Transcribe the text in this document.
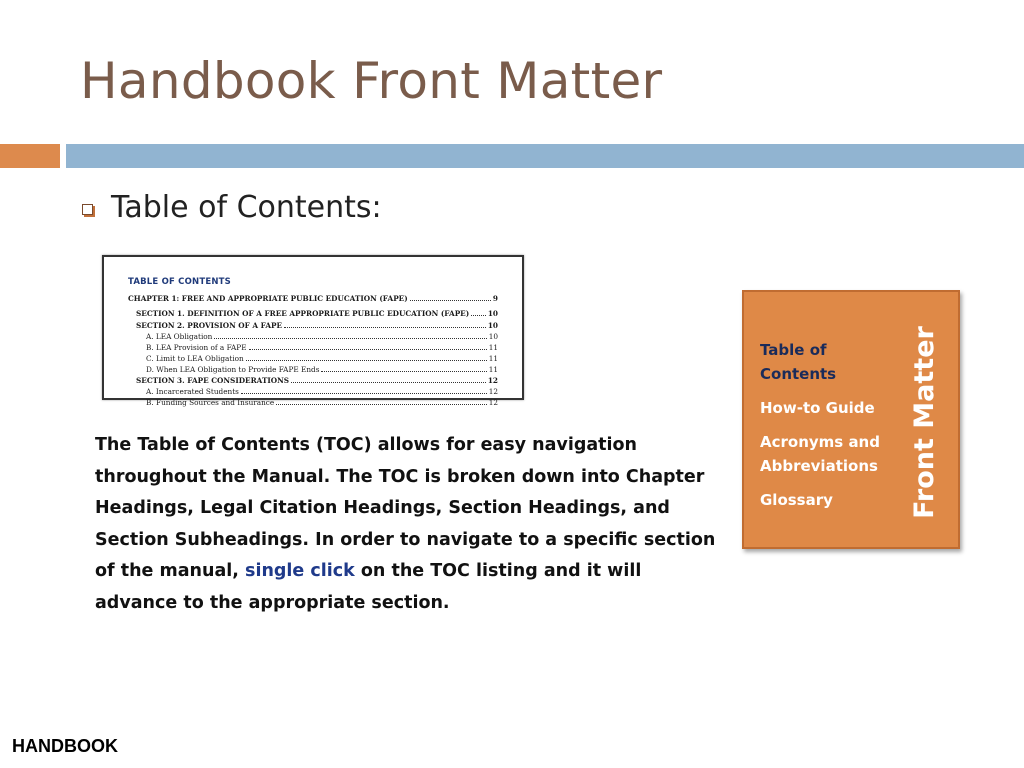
Handbook Front Matter
Table of Contents:
TABLE OF CONTENTS
CHAPTER 1: FREE AND APPROPRIATE PUBLIC EDUCATION (FAPE)	9
SECTION 1. DEFINITION OF A FREE APPROPRIATE PUBLIC EDUCATION (FAPE)	10
SECTION 2. PROVISION OF A FAPE	10
A. LEA Obligation	10
B. LEA Provision of a FAPE	11
C. Limit to LEA Obligation	11
D. When LEA Obligation to Provide FAPE Ends	11
SECTION 3. FAPE CONSIDERATIONS	12
A. Incarcerated Students	12
B. Funding Sources and Insurance	12
The Table of Contents (TOC) allows for easy navigation throughout the Manual. The TOC is broken down into Chapter Headings, Legal Citation Headings, Section Headings, and Section Subheadings. In order to navigate to a specific section of the manual, single click on the TOC listing and it will advance to the appropriate section.
Table of Contents
How-to Guide
Acronyms and Abbreviations
Glossary	Front Matter
HANDBOOK
